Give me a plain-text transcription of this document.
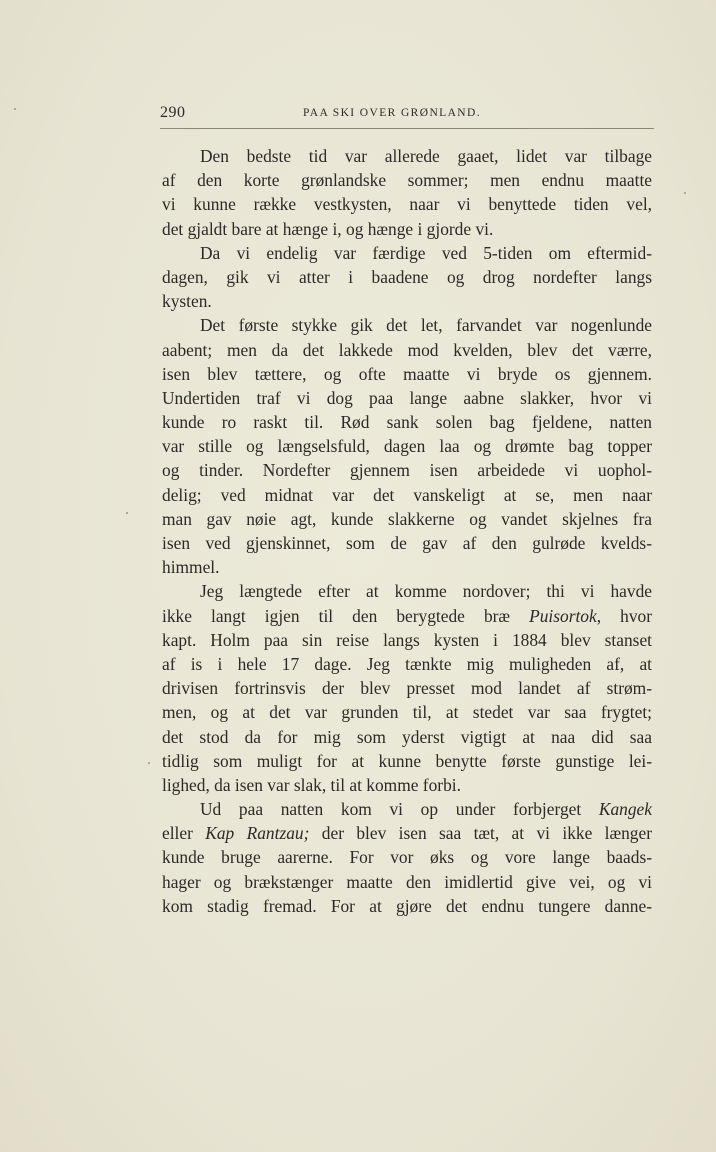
290	PAA SKI OVER GRØNLAND.
Den bedste tid var allerede gaaet, lidet var tilbage
af den korte grønlandske sommer; men endnu maatte
vi kunne række vestkysten, naar vi benyttede tiden vel,
det gjaldt bare at hænge i, og hænge i gjorde vi.
Da vi endelig var færdige ved 5-tiden om eftermid-
dagen, gik vi atter i baadene og drog nordefter langs
kysten.
Det første stykke gik det let, farvandet var nogenlunde
aabent; men da det lakkede mod kvelden, blev det værre,
isen blev tættere, og ofte maatte vi bryde os gjennem.
Undertiden traf vi dog paa lange aabne slakker, hvor vi
kunde ro raskt til. Rød sank solen bag fjeldene, natten
var stille og længselsfuld, dagen laa og drømte bag topper
og tinder. Nordefter gjennem isen arbeidede vi uophol-
delig; ved midnat var det vanskeligt at se, men naar
man gav nøie agt, kunde slakkerne og vandet skjelnes fra
isen ved gjenskinnet, som de gav af den gulrøde kvelds-
himmel.
Jeg længtede efter at komme nordover; thi vi havde
ikke langt igjen til den berygtede bræ Puisortok, hvor
kapt. Holm paa sin reise langs kysten i 1884 blev stanset
af is i hele 17 dage. Jeg tænkte mig muligheden af, at
drivisen fortrinsvis der blev presset mod landet af strøm-
men, og at det var grunden til, at stedet var saa frygtet;
det stod da for mig som yderst vigtigt at naa did saa
tidlig som muligt for at kunne benytte første gunstige lei-
lighed, da isen var slak, til at komme forbi.
Ud paa natten kom vi op under forbjerget Kangek
eller Kap Rantzau; der blev isen saa tæt, at vi ikke længer
kunde bruge aarerne. For vor øks og vore lange baads-
hager og brækstænger maatte den imidlertid give vei, og vi
kom stadig fremad. For at gjøre det endnu tungere danne-
